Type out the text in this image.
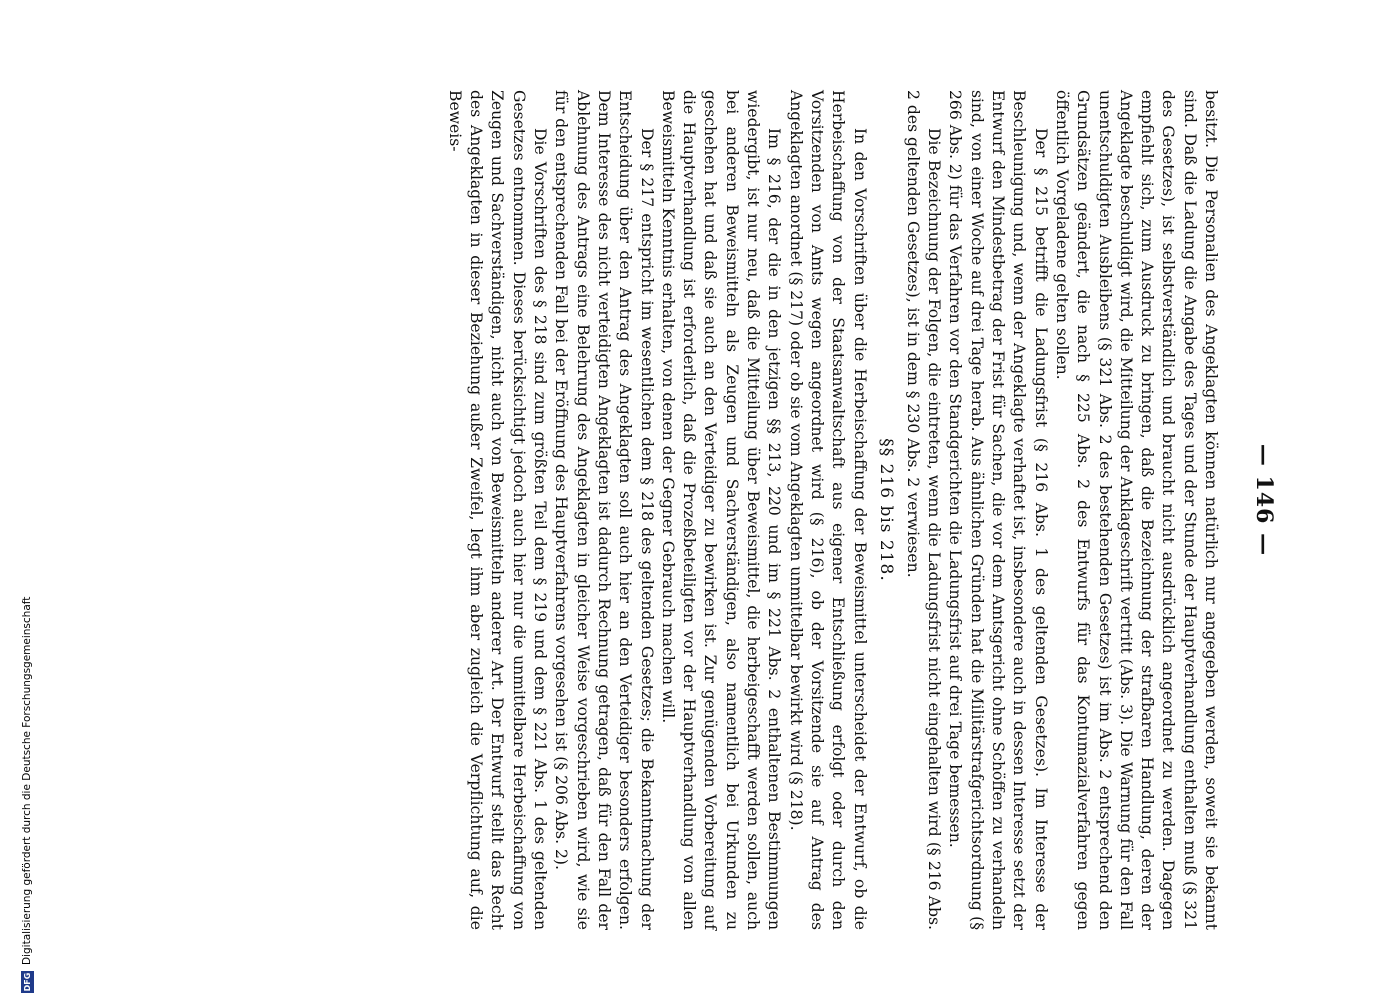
— 146 —

besitzt. Die Personalien des Angeklagten können natürlich nur angegeben werden, soweit sie bekannt sind. Daß die Ladung die Angabe des Tages und der Stunde der Hauptverhandlung enthalten muß (§ 321 des Gesetzes), ist selbstverständlich und braucht nicht ausdrücklich angeordnet zu werden. Dagegen empfiehlt sich, zum Ausdruck zu bringen, daß die Bezeichnung der strafbaren Handlung, deren der Angeklagte beschuldigt wird, die Mitteilung der Anklageschrift vertritt (Abs. 3). Die Warnung für den Fall unentschuldigten Ausbleibens (§ 321 Abs. 2 des bestehenden Gesetzes) ist im Abs. 2 entsprechend den Grundsätzen geändert, die nach § 225 Abs. 2 des Entwurfs für das Kontumazialverfahren gegen öffentlich Vorgeladene gelten sollen.

Der § 215 betrifft die Ladungsfrist (§ 216 Abs. 1 des geltenden Gesetzes). Im Interesse der Beschleunigung und, wenn der Angeklagte verhaftet ist, insbesondere auch in dessen Interesse setzt der Entwurf den Mindestbetrag der Frist für Sachen, die vor dem Amtsgericht ohne Schöffen zu verhandeln sind, von einer Woche auf drei Tage herab. Aus ähnlichen Gründen hat die Militärstrafgerichtsordnung (§ 266 Abs. 2) für das Verfahren vor den Standgerichten die Ladungsfrist auf drei Tage bemessen.

Die Bezeichnung der Folgen, die eintreten, wenn die Ladungsfrist nicht eingehalten wird (§ 216 Abs. 2 des geltenden Gesetzes), ist in dem § 230 Abs. 2 verwiesen.

§§ 216 bis 218.

In den Vorschriften über die Herbeischaffung der Beweismittel unterscheidet der Entwurf, ob die Herbeischaffung von der Staatsanwaltschaft aus eigener Entschließung erfolgt oder durch den Vorsitzenden von Amts wegen angeordnet wird (§ 216), ob der Vorsitzende sie auf Antrag des Angeklagten anordnet (§ 217) oder ob sie vom Angeklagten unmittelbar bewirkt wird (§ 218).

Im § 216, der die in den jetzigen §§ 213, 220 und im § 221 Abs. 2 enthaltenen Bestimmungen wiedergibt, ist nur neu, daß die Mitteilung über Beweismittel, die herbeigeschafft werden sollen, auch bei anderen Beweismitteln als Zeugen und Sachverständigen, also namentlich bei Urkunden zu geschehen hat und daß sie auch an den Verteidiger zu bewirken ist. Zur genügenden Vorbereitung auf die Hauptverhandlung ist erforderlich, daß die Prozeßbeteiligten vor der Hauptverhandlung von allen Beweismitteln Kenntnis erhalten, von denen der Gegner Gebrauch machen will.

Der § 217 entspricht im wesentlichen dem § 218 des geltenden Gesetzes; die Bekanntmachung der Entscheidung über den Antrag des Angeklagten soll auch hier an den Verteidiger besonders erfolgen. Dem Interesse des nicht verteidigten Angeklagten ist dadurch Rechnung getragen, daß für den Fall der Ablehnung des Antrags eine Belehrung des Angeklagten in gleicher Weise vorgeschrieben wird, wie sie für den entsprechenden Fall bei der Eröffnung des Hauptverfahrens vorgesehen ist (§ 206 Abs. 2).

Die Vorschriften des § 218 sind zum größten Teil dem § 219 und dem § 221 Abs. 1 des geltenden Gesetzes entnommen. Dieses berücksichtigt jedoch auch hier nur die unmittelbare Herbeischaffung von Zeugen und Sachverständigen, nicht auch von Beweismitteln anderer Art. Der Entwurf stellt das Recht des Angeklagten in dieser Beziehung außer Zweifel, legt ihm aber zugleich die Verpflichtung auf, die Beweis-

DFG
Digitalisierung gefördert durch die Deutsche Forschungsgemeinschaft
